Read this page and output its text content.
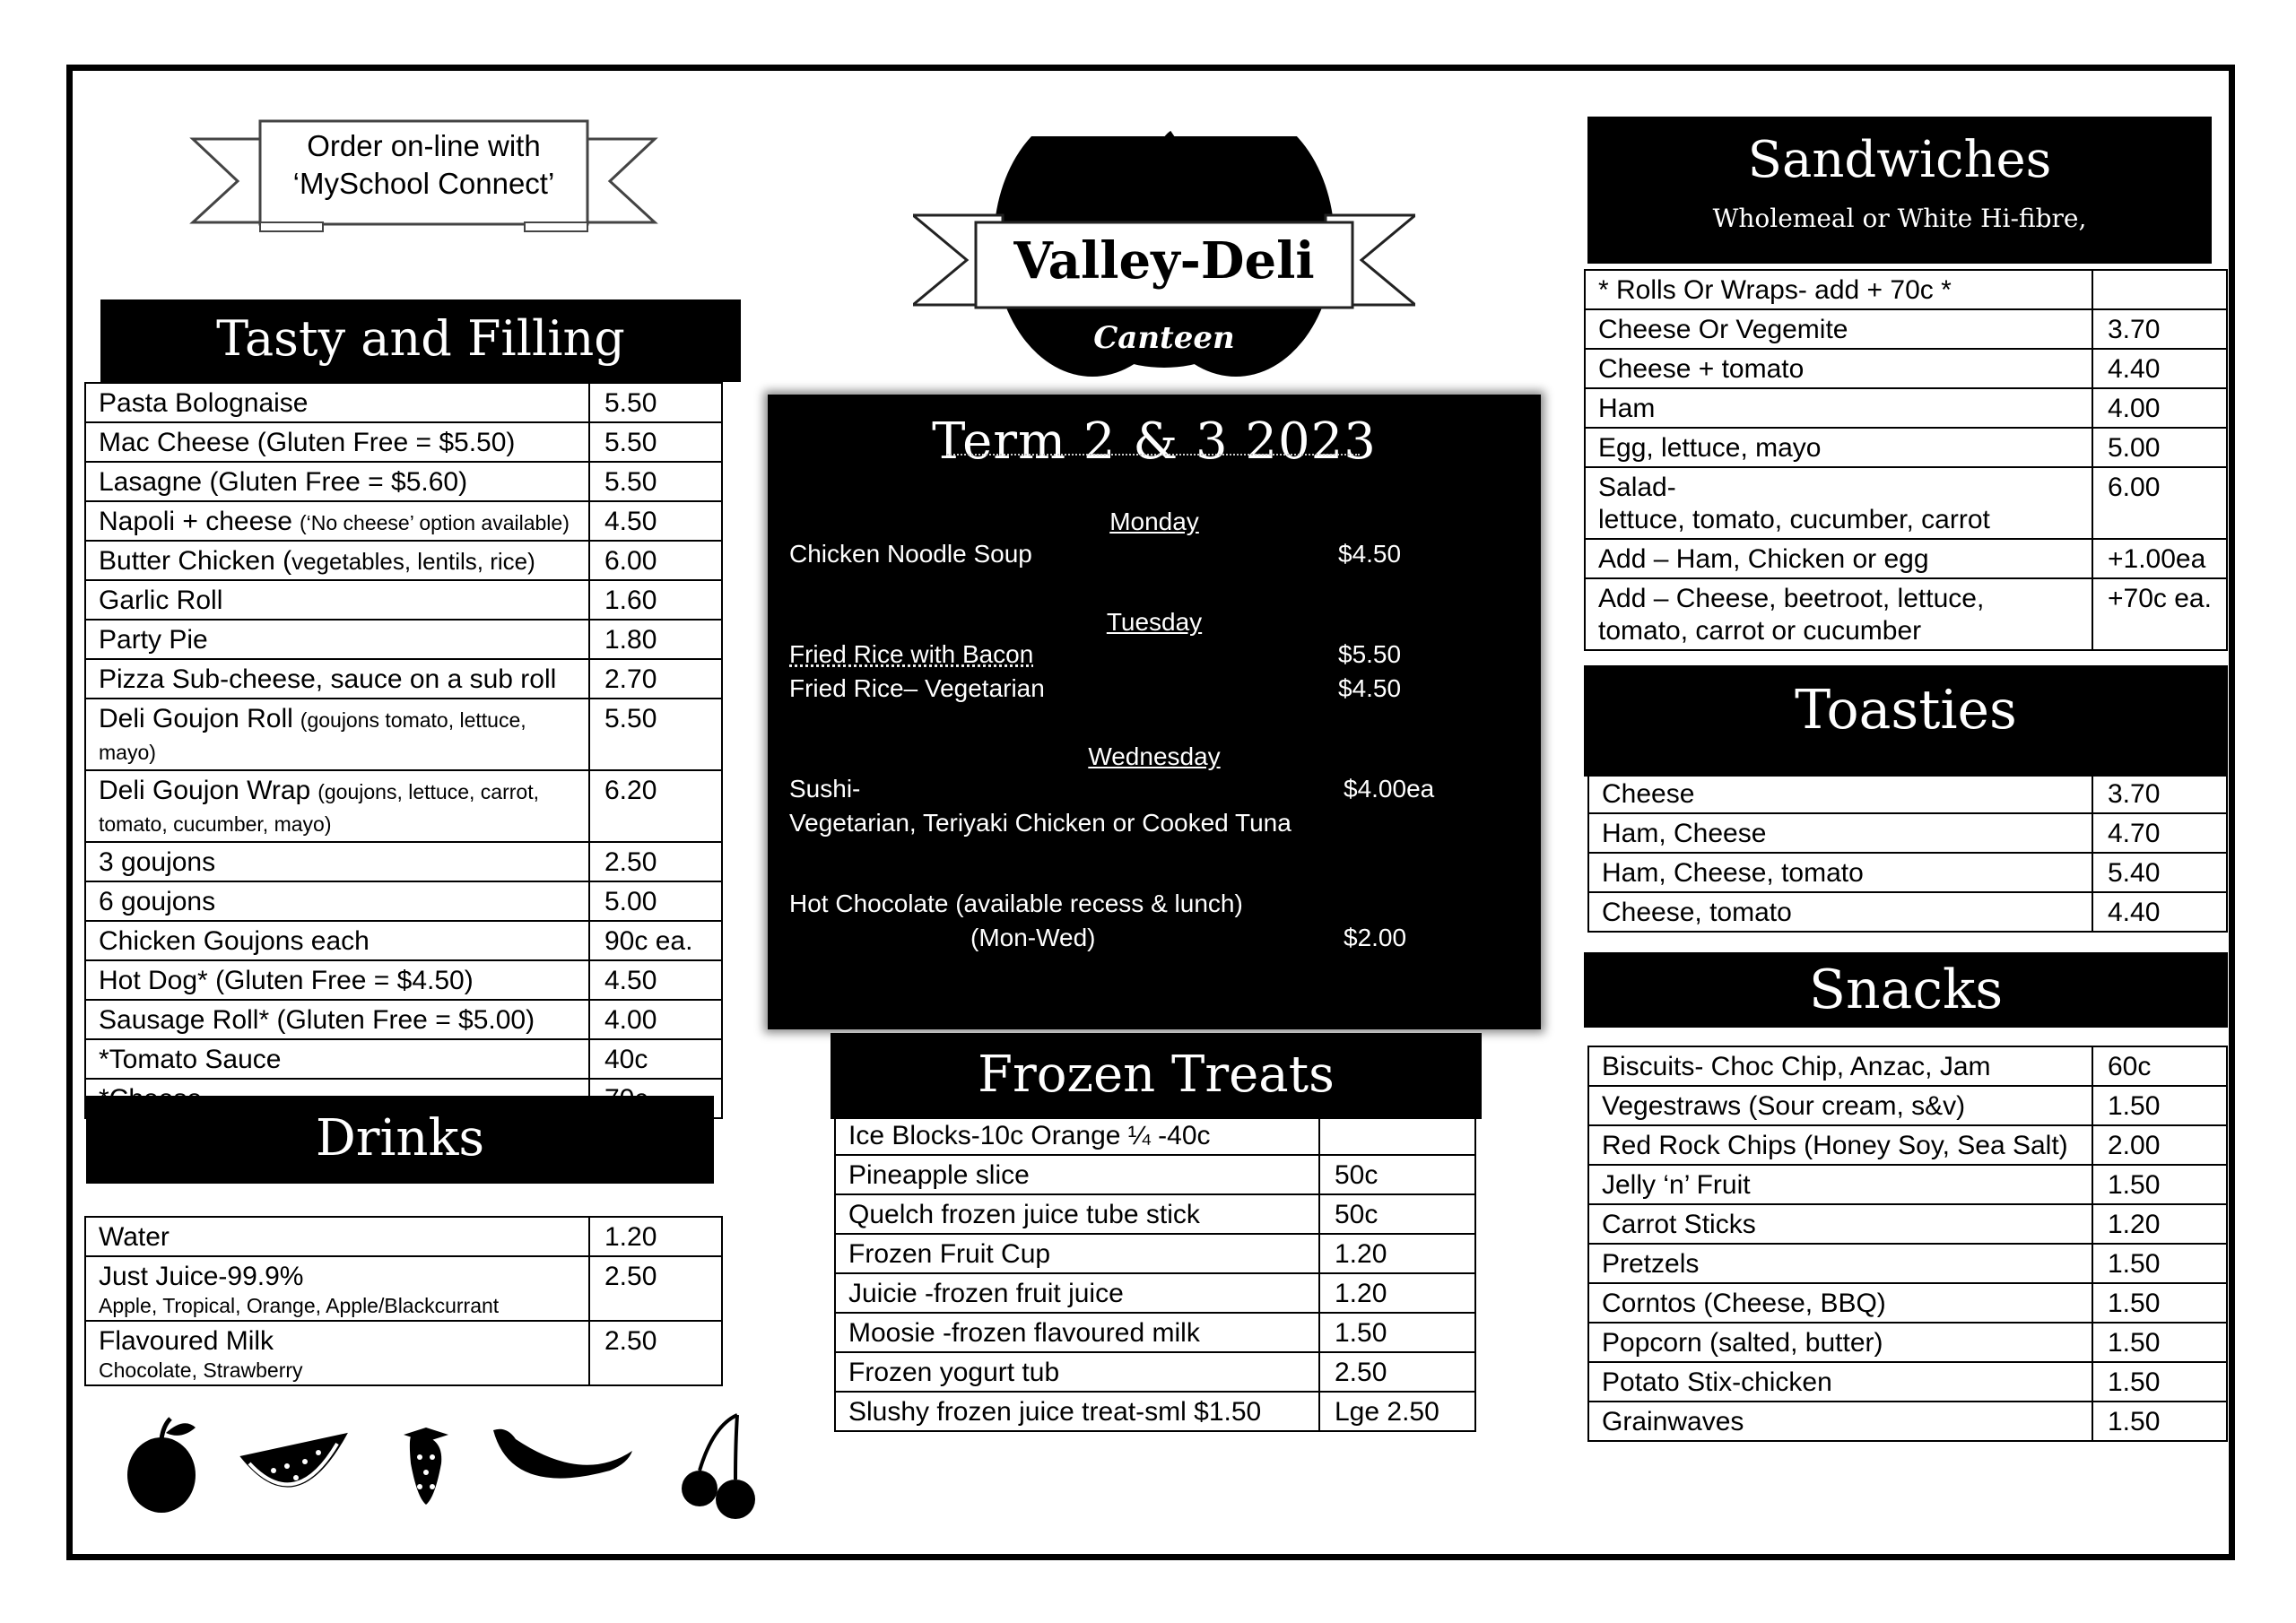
Order on-line with
‘MySchool Connect’
Valley-Deli
Canteen
Tasty and Filling
Pasta Bolognaise	5.50
Mac Cheese (Gluten Free = $5.50)	5.50
Lasagne (Gluten Free = $5.60)	5.50
Napoli + cheese (‘No cheese’ option available)	4.50
Butter Chicken (vegetables, lentils, rice)	6.00
Garlic Roll	1.60
Party Pie	1.80
Pizza Sub-cheese, sauce on a sub roll	2.70
Deli Goujon Roll (goujons tomato, lettuce, mayo)	5.50
Deli Goujon Wrap (goujons, lettuce, carrot, tomato, cucumber, mayo)	6.20
3 goujons	2.50
6 goujons	5.00
Chicken Goujons each	90c ea.
Hot Dog* (Gluten Free = $4.50)	4.50
Sausage Roll* (Gluten Free = $5.00)	4.00
*Tomato Sauce	40c

Drinks
Water	1.20
Just Juice-99.9%
Apple, Tropical, Orange, Apple/Blackcurrant	2.50
Flavoured Milk
Chocolate, Strawberry	2.50
Term 2 & 3 2023
Monday
Chicken Noodle Soup	$4.50
Tuesday
Fried Rice with Bacon	$5.50
Fried Rice– Vegetarian	$4.50
Wednesday
Sushi-	$4.00ea
Vegetarian, Teriyaki Chicken or Cooked Tuna
Hot Chocolate (available recess & lunch)
(Mon-Wed)	$2.00
Frozen Treats
Ice Blocks-10c Orange ¼ -40c	
Pineapple slice	50c
Quelch frozen juice tube stick	50c
Frozen Fruit Cup	1.20
Juicie -frozen fruit juice	1.20
Moosie -frozen flavoured milk	1.50
Frozen yogurt tub	2.50
Slushy frozen juice treat-sml $1.50	Lge 2.50
Sandwiches
Wholemeal or White Hi-fibre,
* Rolls Or Wraps- add + 70c *	
Cheese Or Vegemite	3.70
Cheese + tomato	4.40
Ham	4.00
Egg, lettuce, mayo	5.00
Salad-
lettuce, tomato, cucumber, carrot	6.00
Add – Ham, Chicken or egg	+1.00ea
Add – Cheese, beetroot, lettuce,
tomato, carrot or cucumber	+70c ea.
Toasties
Cheese	3.70
Ham, Cheese	4.70
Ham, Cheese, tomato	5.40
Cheese, tomato	4.40
Snacks
Biscuits- Choc Chip, Anzac, Jam	60c
Vegestraws (Sour cream, s&v)	1.50
Red Rock Chips (Honey Soy, Sea Salt)	2.00
Jelly ‘n’ Fruit	1.50
Carrot Sticks	1.20
Pretzels	1.50
Corntos (Cheese, BBQ)	1.50
Popcorn (salted, butter)	1.50
Potato Stix-chicken	1.50
Grainwaves	1.50
